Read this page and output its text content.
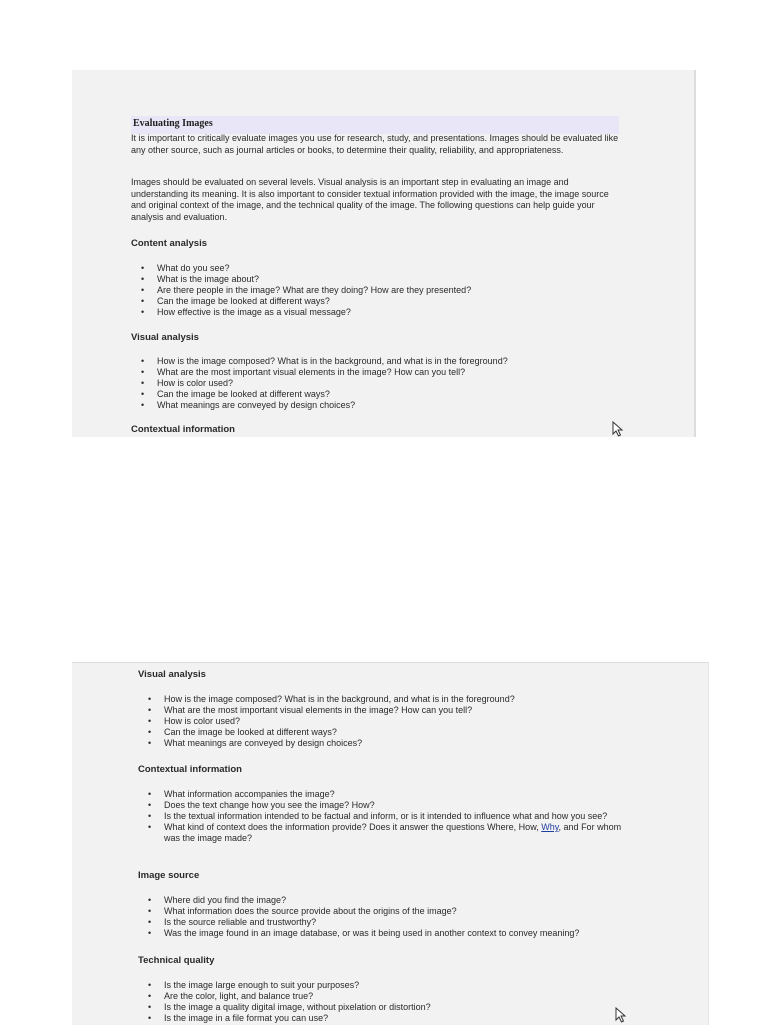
Evaluating Images

It is important to critically evaluate images you use for research, study, and presentations. Images should be evaluated like any other source, such as journal articles or books, to determine their quality, reliability, and appropriateness.

Images should be evaluated on several levels. Visual analysis is an important step in evaluating an image and understanding its meaning. It is also important to consider textual information provided with the image, the image source and original context of the image, and the technical quality of the image. The following questions can help guide your analysis and evaluation.

Content analysis
• What do you see?
• What is the image about?
• Are there people in the image? What are they doing? How are they presented?
• Can the image be looked at different ways?
• How effective is the image as a visual message?
Visual analysis
• How is the image composed? What is in the background, and what is in the foreground?
• What are the most important visual elements in the image? How can you tell?
• How is color used?
• Can the image be looked at different ways?
• What meanings are conveyed by design choices?
Contextual information
Visual analysis
• How is the image composed? What is in the background, and what is in the foreground?
• What are the most important visual elements in the image? How can you tell?
• How is color used?
• Can the image be looked at different ways?
• What meanings are conveyed by design choices?
Contextual information
• What information accompanies the image?
• Does the text change how you see the image? How?
• Is the textual information intended to be factual and inform, or is it intended to influence what and how you see?
• What kind of context does the information provide? Does it answer the questions Where, How, Why, and For whom was the image made?
Image source
• Where did you find the image?
• What information does the source provide about the origins of the image?
• Is the source reliable and trustworthy?
• Was the image found in an image database, or was it being used in another context to convey meaning?
Technical quality
• Is the image large enough to suit your purposes?
• Are the color, light, and balance true?
• Is the image a quality digital image, without pixelation or distortion?
• Is the image in a file format you can use?
